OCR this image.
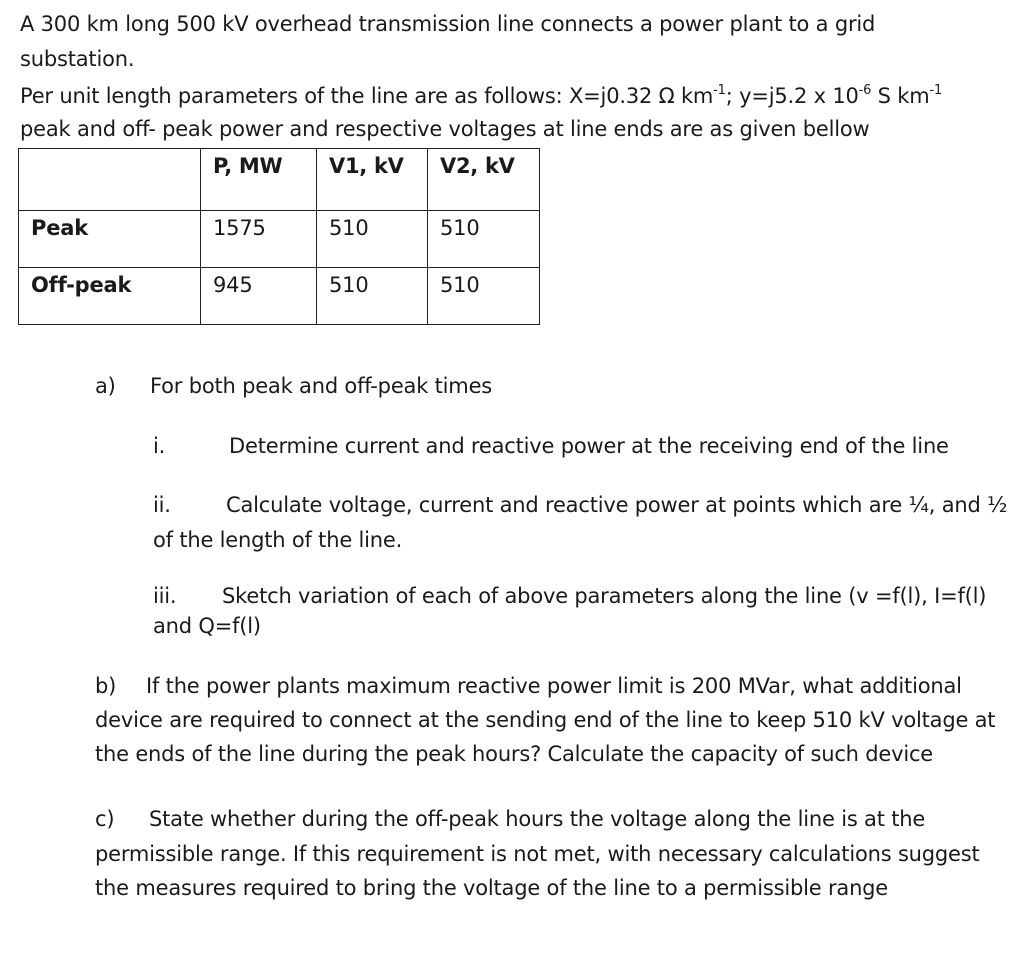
A 300 km long 500 kV overhead transmission line connects a power plant to a grid
substation.
Per unit length parameters of the line are as follows: X=j0.32 Ω $km^{-1}$; y=j5.2 x $10^{-6}$ S $km^{-1}$
peak and off- peak power and respective voltages at line ends are as given bellow
	P, MW	V1, kV	V2, kV
Peak	1575	510	510
Off-peak	945	510	510
a) For both peak and off-peak times
i.	Determine current and reactive power at the receiving end of the line
ii.	Calculate voltage, current and reactive power at points which are ¼, and ½
of the length of the line.
iii. Sketch variation of each of above parameters along the line (v =f(l), I=f(l)
and Q=f(l)
b) If the power plants maximum reactive power limit is 200 MVar, what additional
device are required to connect at the sending end of the line to keep 510 kV voltage at
the ends of the line during the peak hours? Calculate the capacity of such device
c) State whether during the off-peak hours the voltage along the line is at the
permissible range. If this requirement is not met, with necessary calculations suggest
the measures required to bring the voltage of the line to a permissible range
